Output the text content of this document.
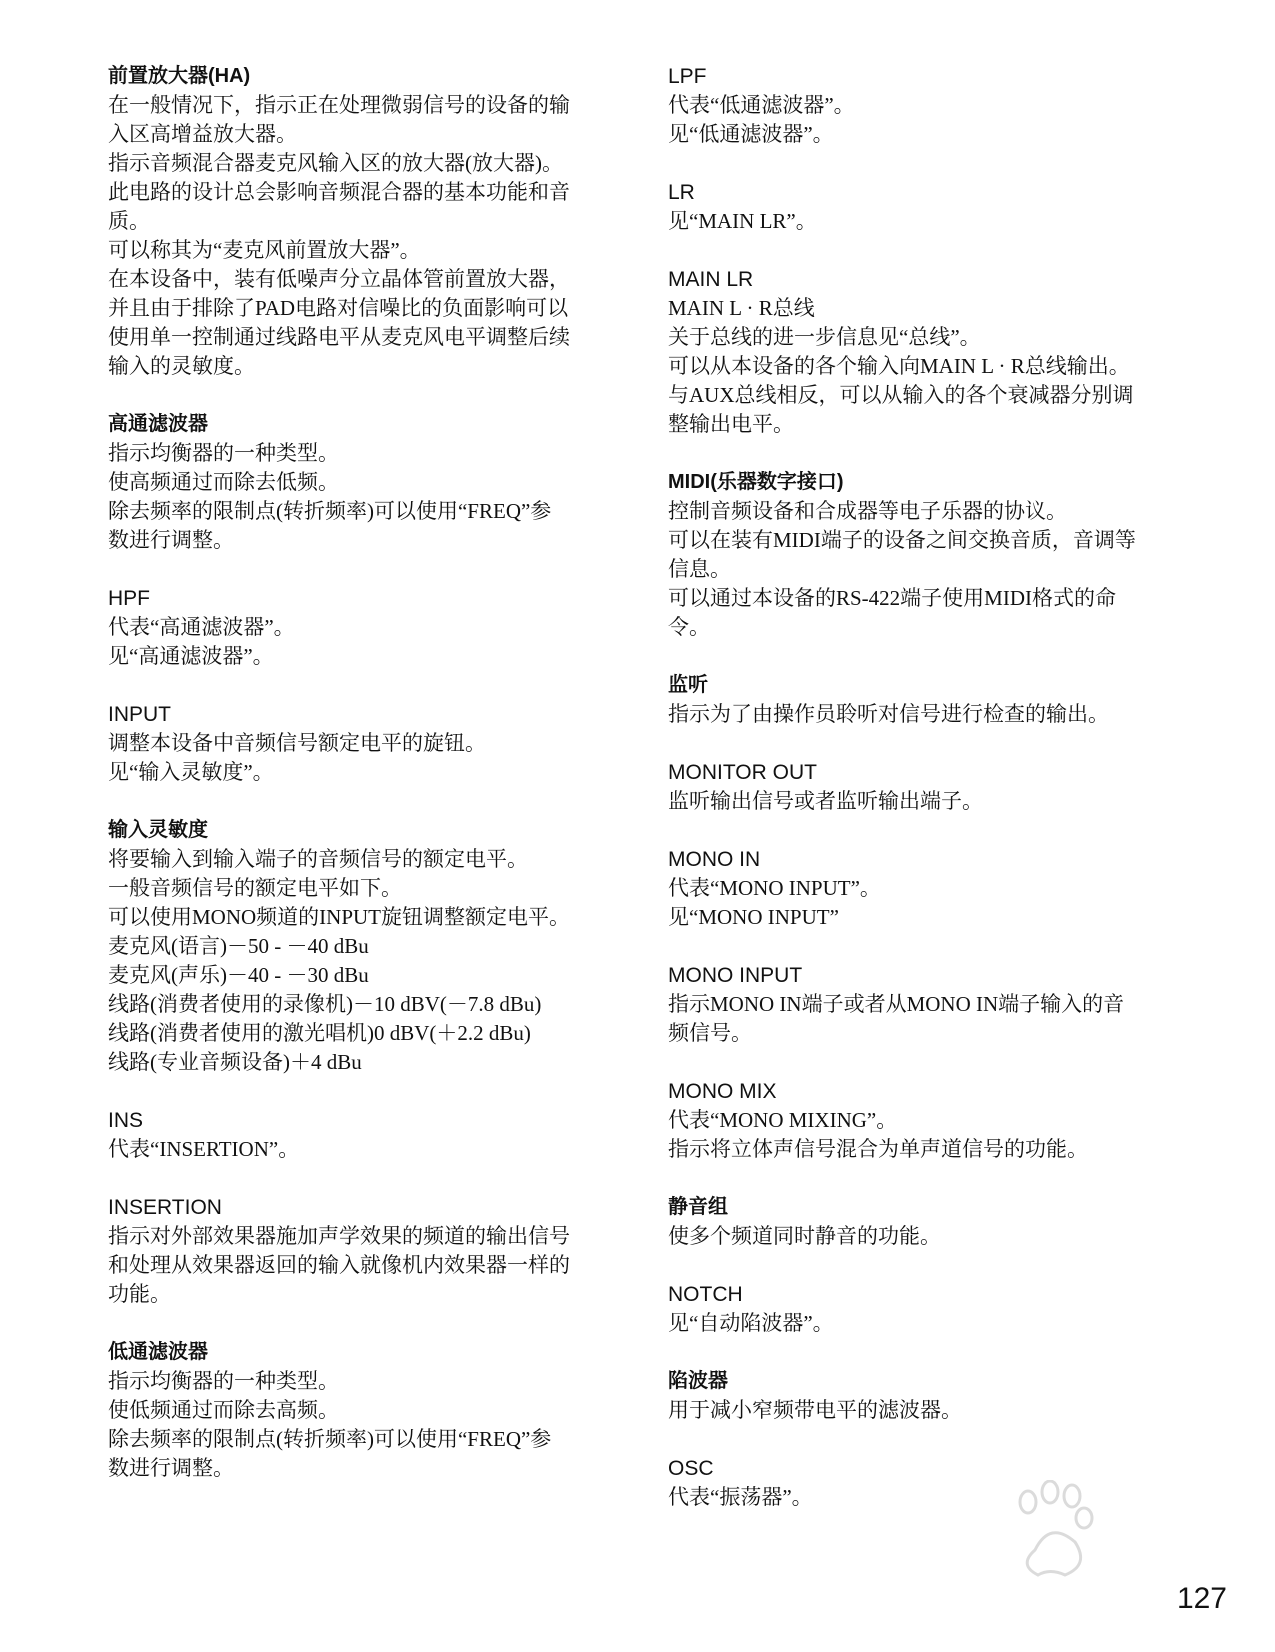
前置放大器(HA)

在一般情况下，指示正在处理微弱信号的设备的输

入区高增益放大器。

指示音频混合器麦克风输入区的放大器(放大器)。

此电路的设计总会影响音频混合器的基本功能和音

质。

可以称其为“麦克风前置放大器”。

在本设备中，装有低噪声分立晶体管前置放大器，

并且由于排除了PAD电路对信噪比的负面影响可以

使用单一控制通过线路电平从麦克风电平调整后续

输入的灵敏度。

高通滤波器

指示均衡器的一种类型。

使高频通过而除去低频。

除去频率的限制点(转折频率)可以使用“FREQ”参

数进行调整。

HPF

代表“高通滤波器”。

见“高通滤波器”。

INPUT

调整本设备中音频信号额定电平的旋钮。

见“输入灵敏度”。

输入灵敏度

将要输入到输入端子的音频信号的额定电平。

一般音频信号的额定电平如下。

可以使用MONO频道的INPUT旋钮调整额定电平。

麦克风(语言)－50 - －40 dBu

麦克风(声乐)－40 - －30 dBu

线路(消费者使用的录像机)－10 dBV(－7.8 dBu)

线路(消费者使用的激光唱机)0 dBV(＋2.2 dBu)

线路(专业音频设备)＋4 dBu

INS

代表“INSERTION”。

INSERTION

指示对外部效果器施加声学效果的频道的输出信号

和处理从效果器返回的输入就像机内效果器一样的

功能。

低通滤波器

指示均衡器的一种类型。

使低频通过而除去高频。

除去频率的限制点(转折频率)可以使用“FREQ”参

数进行调整。

LPF

代表“低通滤波器”。

见“低通滤波器”。

LR

见“MAIN LR”。

MAIN LR

MAIN L · R总线

关于总线的进一步信息见“总线”。

可以从本设备的各个输入向MAIN L · R总线输出。

与AUX总线相反，可以从输入的各个衰减器分别调

整输出电平。

MIDI(乐器数字接口)

控制音频设备和合成器等电子乐器的协议。

可以在装有MIDI端子的设备之间交换音质，音调等

信息。

可以通过本设备的RS-422端子使用MIDI格式的命

令。

监听

指示为了由操作员聆听对信号进行检查的输出。

MONITOR OUT

监听输出信号或者监听输出端子。

MONO IN

代表“MONO INPUT”。

见“MONO INPUT”

MONO INPUT

指示MONO IN端子或者从MONO IN端子输入的音

频信号。

MONO MIX

代表“MONO MIXING”。

指示将立体声信号混合为单声道信号的功能。

静音组

使多个频道同时静音的功能。

NOTCH

见“自动陷波器”。

陷波器

用于减小窄频带电平的滤波器。

OSC

代表“振荡器”。

127
